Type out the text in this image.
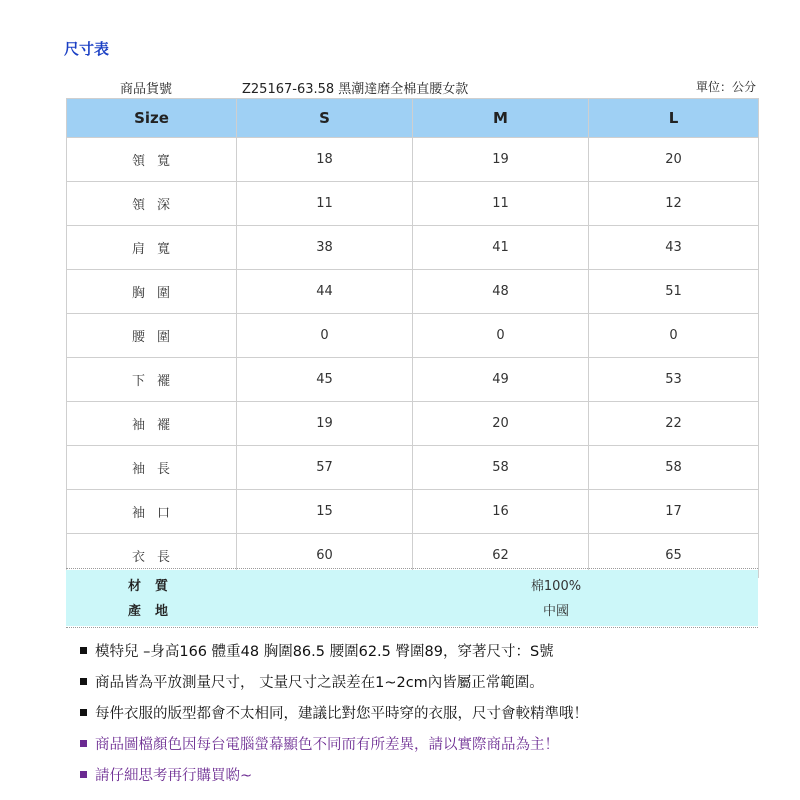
尺寸表
商品貨號	Z25167-63.58 黑潮達磨全棉直腰女款	單位：公分
Size	S	M	L
領寬	18	19	20
領深	11	11	12
肩寬	38	41	43
胸圍	44	48	51
腰圍	0	0	0
下襬	45	49	53
袖襬	19	20	22
袖長	57	58	58
袖口	15	16	17
衣長	60	62	65
材質	棉100%
產地	中國
模特兒 –身高166 體重48 胸圍86.5 腰圍62.5 臀圍89，穿著尺寸：S號
商品皆為平放測量尺寸， 丈量尺寸之誤差在1~2cm內皆屬正常範圍。
每件衣服的版型都會不太相同，建議比對您平時穿的衣服，尺寸會較精準哦！
商品圖檔顏色因每台電腦螢幕顯色不同而有所差異，請以實際商品為主！
請仔細思考再行購買喲~
